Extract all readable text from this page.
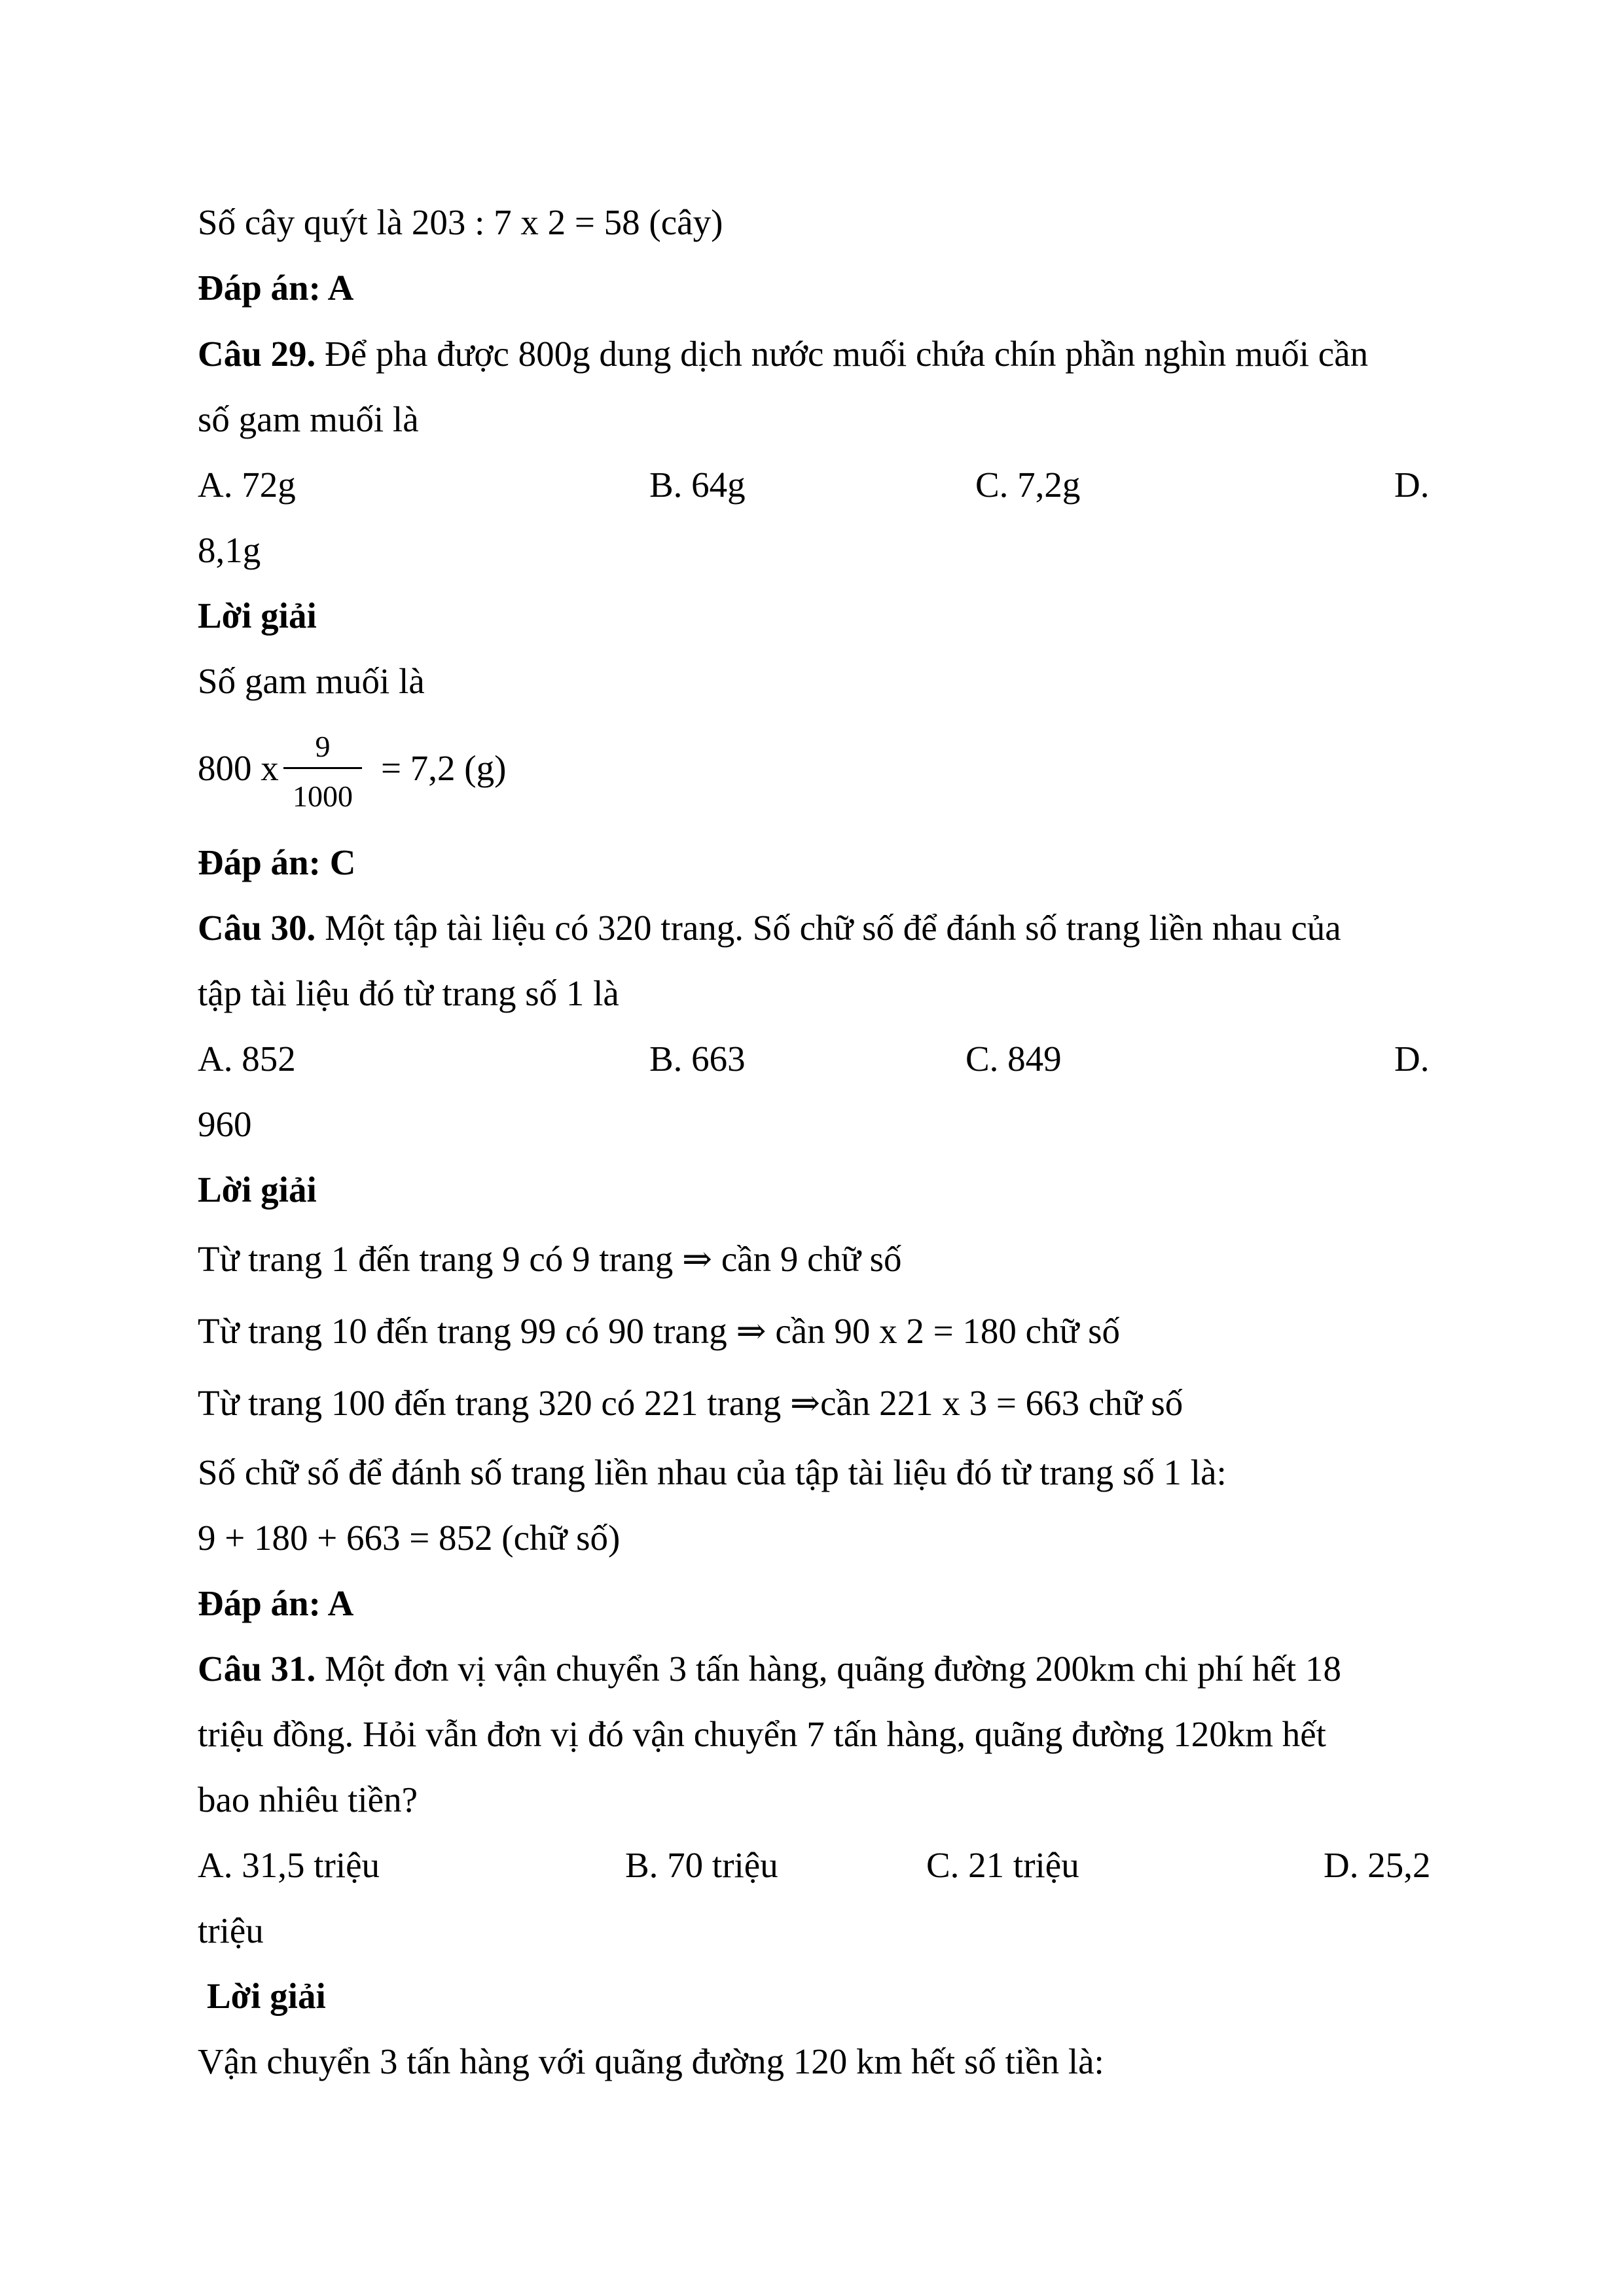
Số cây quýt là 203 : 7 x 2 = 58 (cây)
Đáp án: A
Câu 29. Để pha được 800g dung dịch nước muối chứa chín phần nghìn muối cần
số gam muối là
A. 72g	B. 64g	C. 7,2g	D.
8,1g
Lời giải
Số gam muối là
800 x
9
1000
= 7,2 (g)
Đáp án: C
Câu 30. Một tập tài liệu có 320 trang. Số chữ số để đánh số trang liền nhau của
tập tài liệu đó từ trang số 1 là
A. 852	B. 663	C. 849	D.
960
Lời giải
Từ trang 1 đến trang 9 có 9 trang ⇒ cần 9 chữ số
Từ trang 10 đến trang 99 có 90 trang ⇒ cần 90 x 2 = 180 chữ số
Từ trang 100 đến trang 320 có 221 trang ⇒cần 221 x 3 = 663 chữ số
Số chữ số để đánh số trang liền nhau của tập tài liệu đó từ trang số 1 là:
9 + 180 + 663 = 852 (chữ số)
Đáp án: A
Câu 31. Một đơn vị vận chuyển 3 tấn hàng, quãng đường 200km chi phí hết 18
triệu đồng. Hỏi vẫn đơn vị đó vận chuyển 7 tấn hàng, quãng đường 120km hết
bao nhiêu tiền?
A. 31,5 triệu	B. 70 triệu	C. 21 triệu	D. 25,2
triệu
Lời giải
Vận chuyển 3 tấn hàng với quãng đường 120 km hết số tiền là:
